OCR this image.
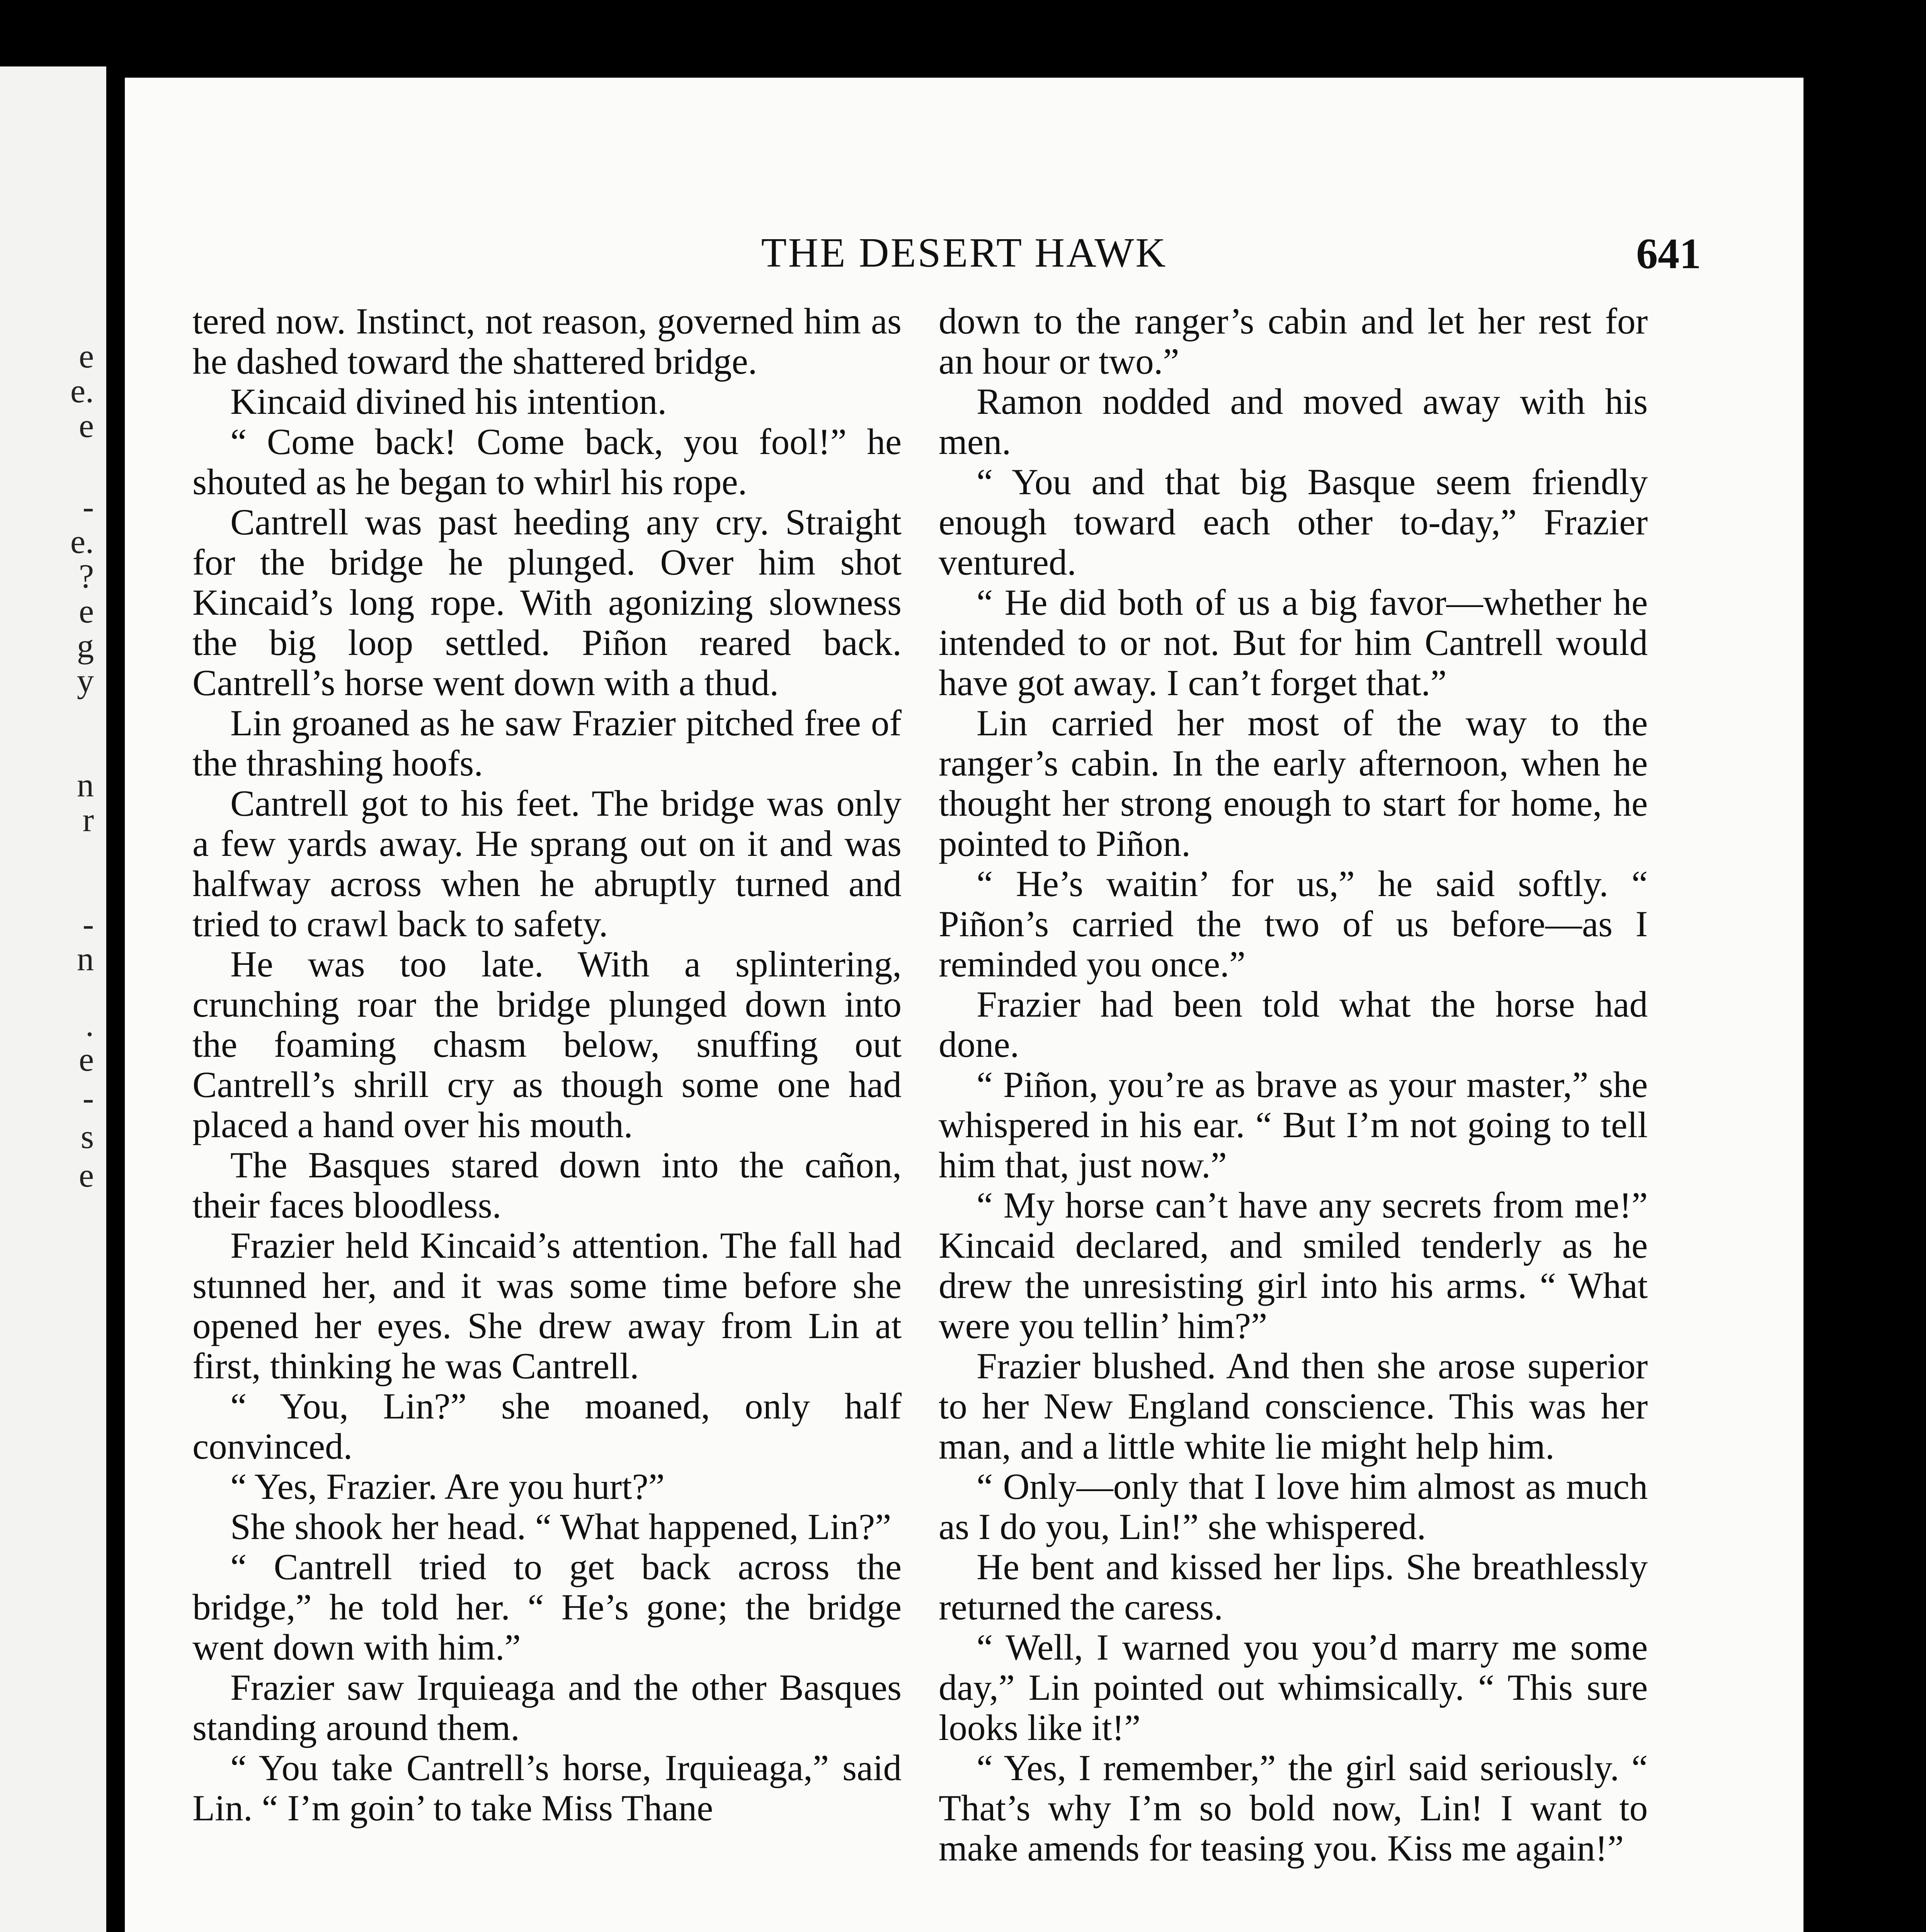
e
e.
e
-
e.
?
e
g
y
n
r
-
n
.
e
-
s
e
THE DESERT HAWK	641

tered now. Instinct, not reason, governed him as he dashed toward the shattered bridge.

Kincaid divined his intention.

“ Come back! Come back, you fool!” he shouted as he began to whirl his rope.

Cantrell was past heeding any cry. Straight for the bridge he plunged. Over him shot Kincaid’s long rope. With agonizing slowness the big loop settled. Piñon reared back. Cantrell’s horse went down with a thud.

Lin groaned as he saw Frazier pitched free of the thrashing hoofs.

Cantrell got to his feet. The bridge was only a few yards away. He sprang out on it and was halfway across when he abruptly turned and tried to crawl back to safety.

He was too late. With a splintering, crunching roar the bridge plunged down into the foaming chasm below, snuffing out Cantrell’s shrill cry as though some one had placed a hand over his mouth.

The Basques stared down into the cañon, their faces bloodless.

Frazier held Kincaid’s attention. The fall had stunned her, and it was some time before she opened her eyes. She drew away from Lin at first, thinking he was Cantrell.

“ You, Lin?” she moaned, only half convinced.

“ Yes, Frazier. Are you hurt?”

She shook her head. “ What happened, Lin?”

“ Cantrell tried to get back across the bridge,” he told her. “ He’s gone; the bridge went down with him.”

Frazier saw Irquieaga and the other Basques standing around them.

“ You take Cantrell’s horse, Irquieaga,” said Lin. “ I’m goin’ to take Miss Thane

down to the ranger’s cabin and let her rest for an hour or two.”

Ramon nodded and moved away with his men.

“ You and that big Basque seem friendly enough toward each other to-day,” Frazier ventured.

“ He did both of us a big favor—whether he intended to or not. But for him Cantrell would have got away. I can’t forget that.”

Lin carried her most of the way to the ranger’s cabin. In the early afternoon, when he thought her strong enough to start for home, he pointed to Piñon.

“ He’s waitin’ for us,” he said softly. “ Piñon’s carried the two of us before—as I reminded you once.”

Frazier had been told what the horse had done.

“ Piñon, you’re as brave as your master,” she whispered in his ear. “ But I’m not going to tell him that, just now.”

“ My horse can’t have any secrets from me!” Kincaid declared, and smiled tenderly as he drew the unresisting girl into his arms. “ What were you tellin’ him?”

Frazier blushed. And then she arose superior to her New England conscience. This was her man, and a little white lie might help him.

“ Only—only that I love him almost as much as I do you, Lin!” she whispered.

He bent and kissed her lips. She breathlessly returned the caress.

“ Well, I warned you you’d marry me some day,” Lin pointed out whimsically. “ This sure looks like it!”

“ Yes, I remember,” the girl said seriously. “ That’s why I’m so bold now, Lin! I want to make amends for teasing you. Kiss me again!”
